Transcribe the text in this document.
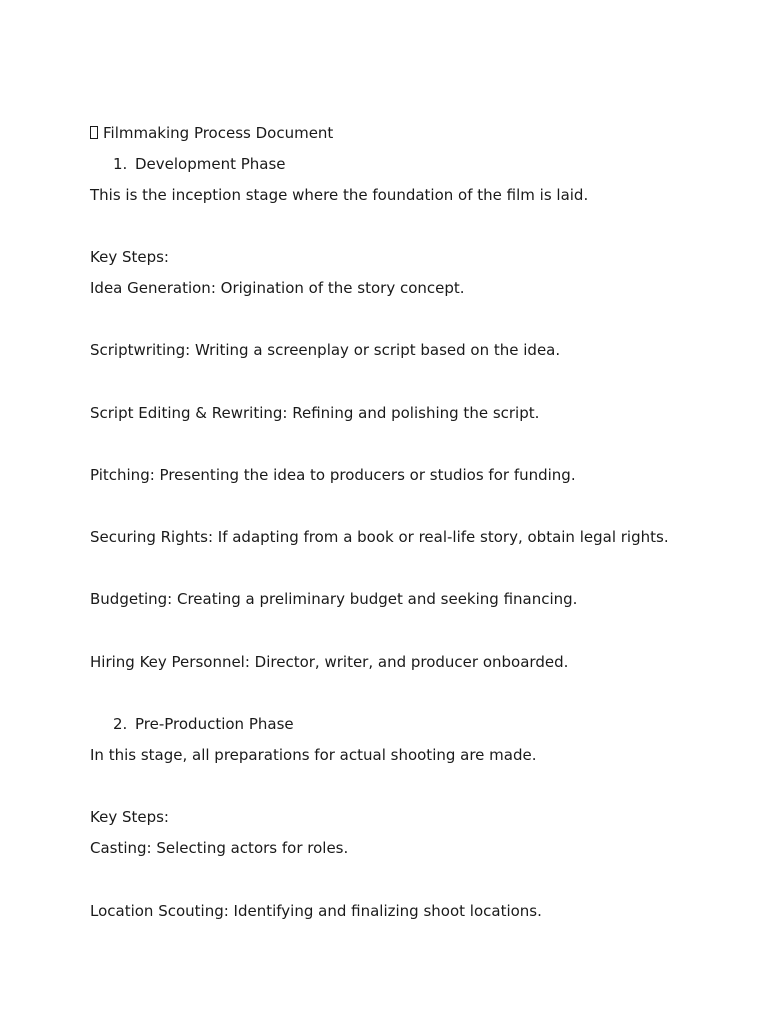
Filmmaking Process Document
1. Development Phase
This is the inception stage where the foundation of the film is laid.
Key Steps:
Idea Generation: Origination of the story concept.
Scriptwriting: Writing a screenplay or script based on the idea.
Script Editing & Rewriting: Refining and polishing the script.
Pitching: Presenting the idea to producers or studios for funding.
Securing Rights: If adapting from a book or real-life story, obtain legal rights.
Budgeting: Creating a preliminary budget and seeking financing.
Hiring Key Personnel: Director, writer, and producer onboarded.
2. Pre-Production Phase
In this stage, all preparations for actual shooting are made.
Key Steps:
Casting: Selecting actors for roles.
Location Scouting: Identifying and finalizing shoot locations.
